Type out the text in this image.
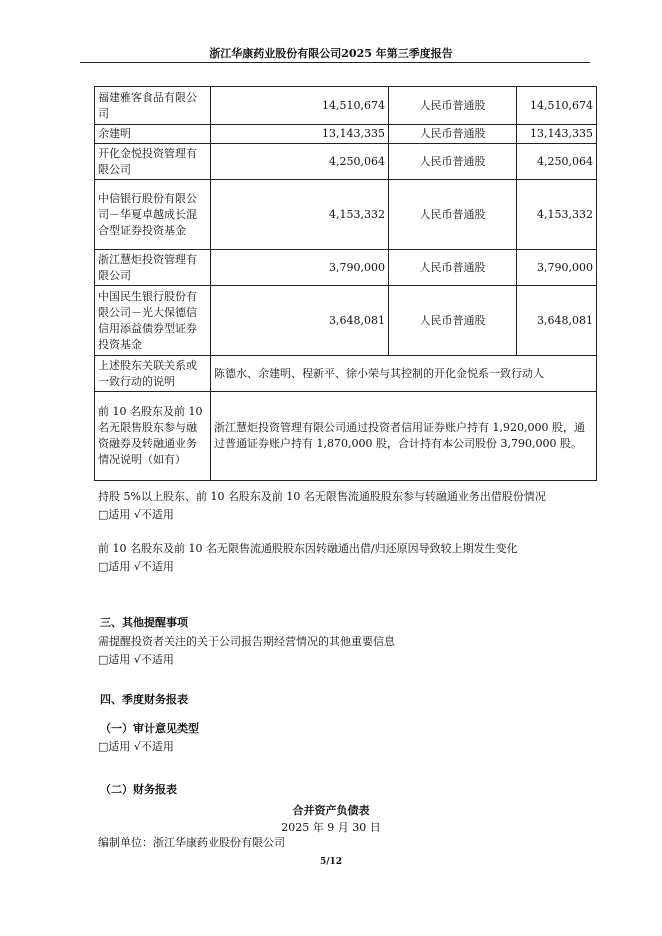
浙江华康药业股份有限公司2025 年第三季度报告
福建雅客食品有限公司	14,510,674	人民币普通股	14,510,674
余建明	13,143,335	人民币普通股	13,143,335
开化金悦投资管理有限公司	4,250,064	人民币普通股	4,250,064
中信银行股份有限公司－华夏卓越成长混合型证券投资基金	4,153,332	人民币普通股	4,153,332
浙江慧炬投资管理有限公司	3,790,000	人民币普通股	3,790,000
中国民生银行股份有限公司－光大保德信信用添益债券型证券投资基金	3,648,081	人民币普通股	3,648,081
上述股东关联关系或一致行动的说明	陈德水、余建明、程新平、徐小荣与其控制的开化金悦系一致行动人		
前 10 名股东及前 10 名无限售股东参与融资融券及转融通业务情况说明（如有）	浙江慧炬投资管理有限公司通过投资者信用证券账户持有 1,920,000 股，通过普通证券账户持有 1,870,000 股，合计持有本公司股份 3,790,000 股。		
持股 5%以上股东、前 10 名股东及前 10 名无限售流通股股东参与转融通业务出借股份情况
□适用 √不适用
前 10 名股东及前 10 名无限售流通股股东因转融通出借/归还原因导致较上期发生变化
□适用 √不适用
三、其他提醒事项
需提醒投资者关注的关于公司报告期经营情况的其他重要信息
□适用 √不适用
四、季度财务报表
（一）审计意见类型
□适用 √不适用
（二）财务报表
合并资产负债表
2025 年 9 月 30 日
编制单位：浙江华康药业股份有限公司
5/12
